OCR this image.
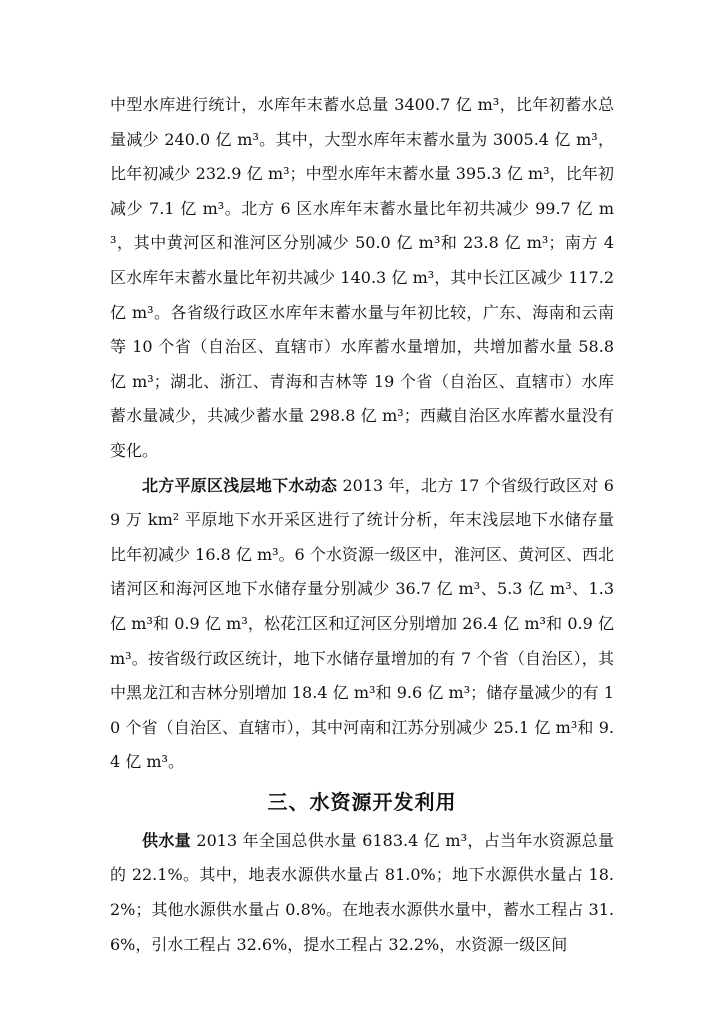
中型水库进行统计，水库年末蓄水总量 3400.7 亿 m³，比年初蓄水总量减少 240.0 亿 m³。其中，大型水库年末蓄水量为 3005.4 亿 m³，比年初减少 232.9 亿 m³；中型水库年末蓄水量 395.3 亿 m³，比年初减少 7.1 亿 m³。北方 6 区水库年末蓄水量比年初共减少 99.7 亿 m³，其中黄河区和淮河区分别减少 50.0 亿 m³和 23.8 亿 m³；南方 4 区水库年末蓄水量比年初共减少 140.3 亿 m³，其中长江区减少 117.2 亿 m³。各省级行政区水库年末蓄水量与年初比较，广东、海南和云南等 10 个省（自治区、直辖市）水库蓄水量增加，共增加蓄水量 58.8 亿 m³；湖北、浙江、青海和吉林等 19 个省（自治区、直辖市）水库蓄水量减少，共减少蓄水量 298.8 亿 m³；西藏自治区水库蓄水量没有变化。

北方平原区浅层地下水动态 2013 年，北方 17 个省级行政区对 69 万 km² 平原地下水开采区进行了统计分析，年末浅层地下水储存量比年初减少 16.8 亿 m³。6 个水资源一级区中，淮河区、黄河区、西北诸河区和海河区地下水储存量分别减少 36.7 亿 m³、5.3 亿 m³、1.3 亿 m³和 0.9 亿 m³，松花江区和辽河区分别增加 26.4 亿 m³和 0.9 亿 m³。按省级行政区统计，地下水储存量增加的有 7 个省（自治区），其中黑龙江和吉林分别增加 18.4 亿 m³和 9.6 亿 m³；储存量减少的有 10 个省（自治区、直辖市），其中河南和江苏分别减少 25.1 亿 m³和 9.4 亿 m³。

三、水资源开发利用

供水量 2013 年全国总供水量 6183.4 亿 m³，占当年水资源总量的 22.1%。其中，地表水源供水量占 81.0%；地下水源供水量占 18.2%；其他水源供水量占 0.8%。在地表水源供水量中，蓄水工程占 31.6%，引水工程占 32.6%，提水工程占 32.2%，水资源一级区间
